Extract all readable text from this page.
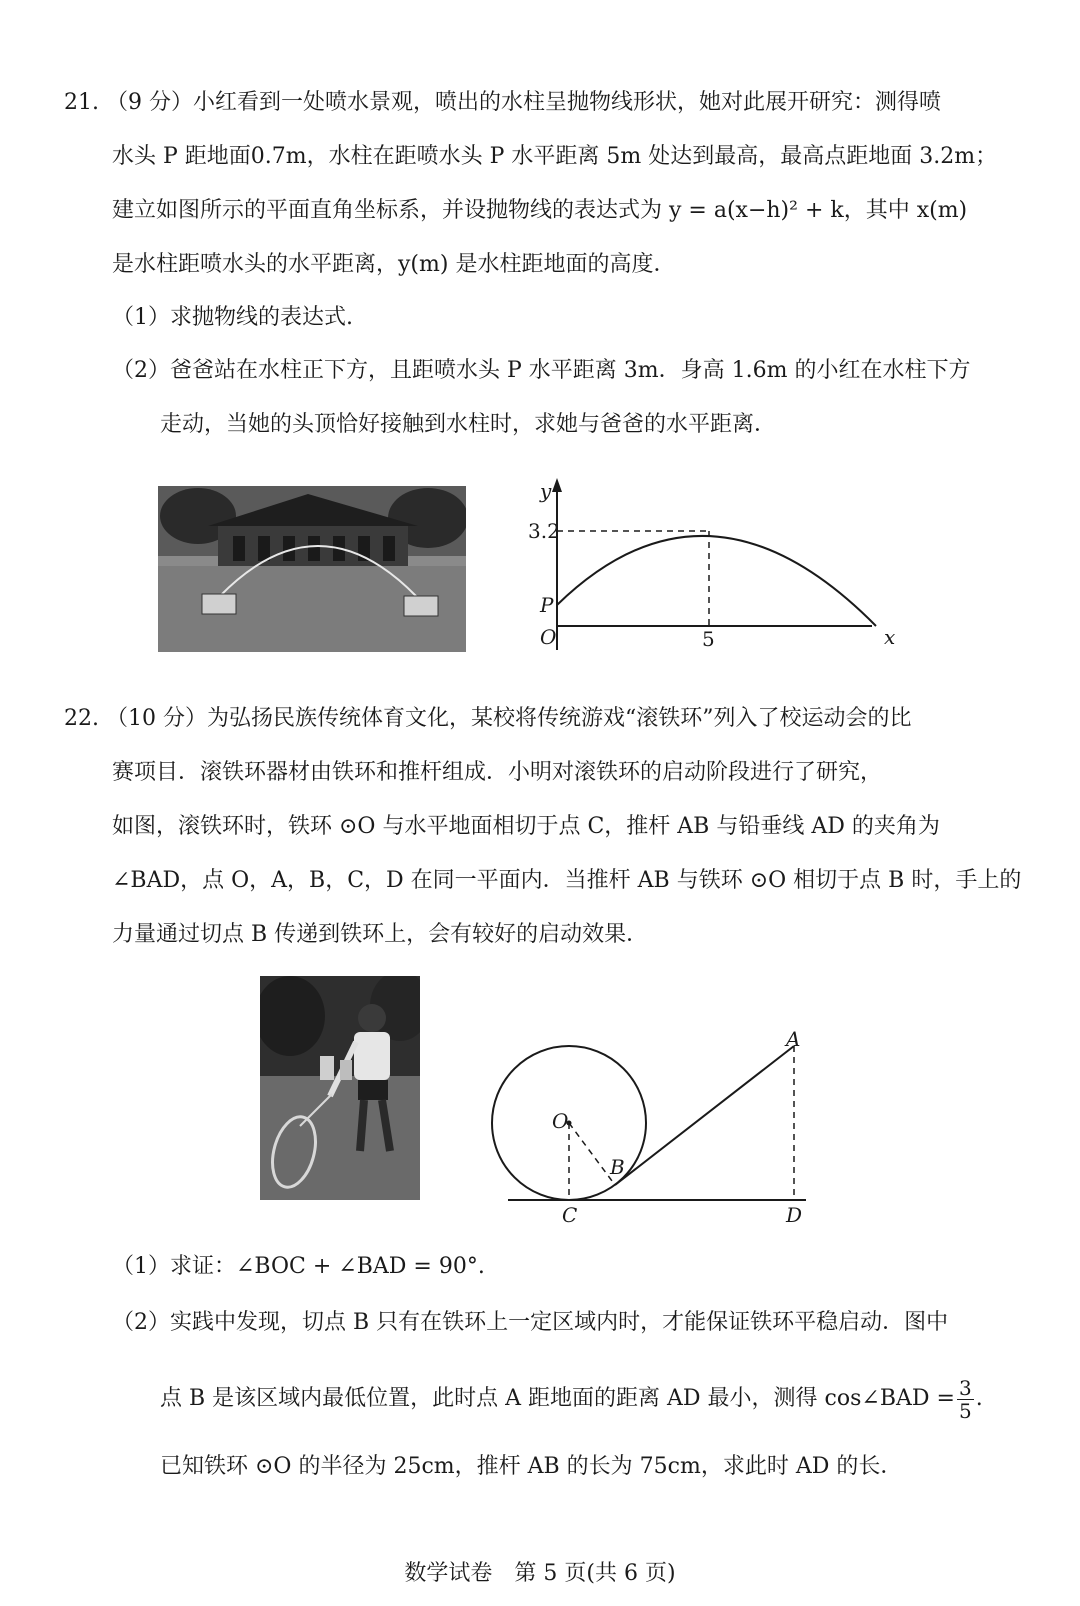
21. （9 分）小红看到一处喷水景观，喷出的水柱呈抛物线形状，她对此展开研究：测得喷
水头 P 距地面0.7m，水柱在距喷水头 P 水平距离 5m 处达到最高，最高点距地面 3.2m；
建立如图所示的平面直角坐标系，并设抛物线的表达式为 y = a(x−h)² + k，其中 x(m)
是水柱距喷水头的水平距离，y(m) 是水柱距地面的高度．
（1）求抛物线的表达式.
（2）爸爸站在水柱正下方，且距喷水头 P 水平距离 3m．身高 1.6m 的小红在水柱下方
走动，当她的头顶恰好接触到水柱时，求她与爸爸的水平距离．
y
3.2
P
O	5	x
22. （10 分）为弘扬民族传统体育文化，某校将传统游戏“滚铁环”列入了校运动会的比
赛项目．滚铁环器材由铁环和推杆组成．小明对滚铁环的启动阶段进行了研究，
如图，滚铁环时，铁环 ⊙O 与水平地面相切于点 C，推杆 AB 与铅垂线 AD 的夹角为
∠BAD，点 O，A，B，C，D 在同一平面内．当推杆 AB 与铁环 ⊙O 相切于点 B 时，手上的
力量通过切点 B 传递到铁环上，会有较好的启动效果．
O
B
A
C	D
（1）求证：∠BOC + ∠BAD = 90°.
（2）实践中发现，切点 B 只有在铁环上一定区域内时，才能保证铁环平稳启动．图中
点 B 是该区域内最低位置，此时点 A 距地面的距离 AD 最小，测得 cos∠BAD = $\frac{3}{5}$ .
已知铁环 ⊙O 的半径为 25cm，推杆 AB 的长为 75cm，求此时 AD 的长．
数学试卷　第 5 页(共 6 页)
